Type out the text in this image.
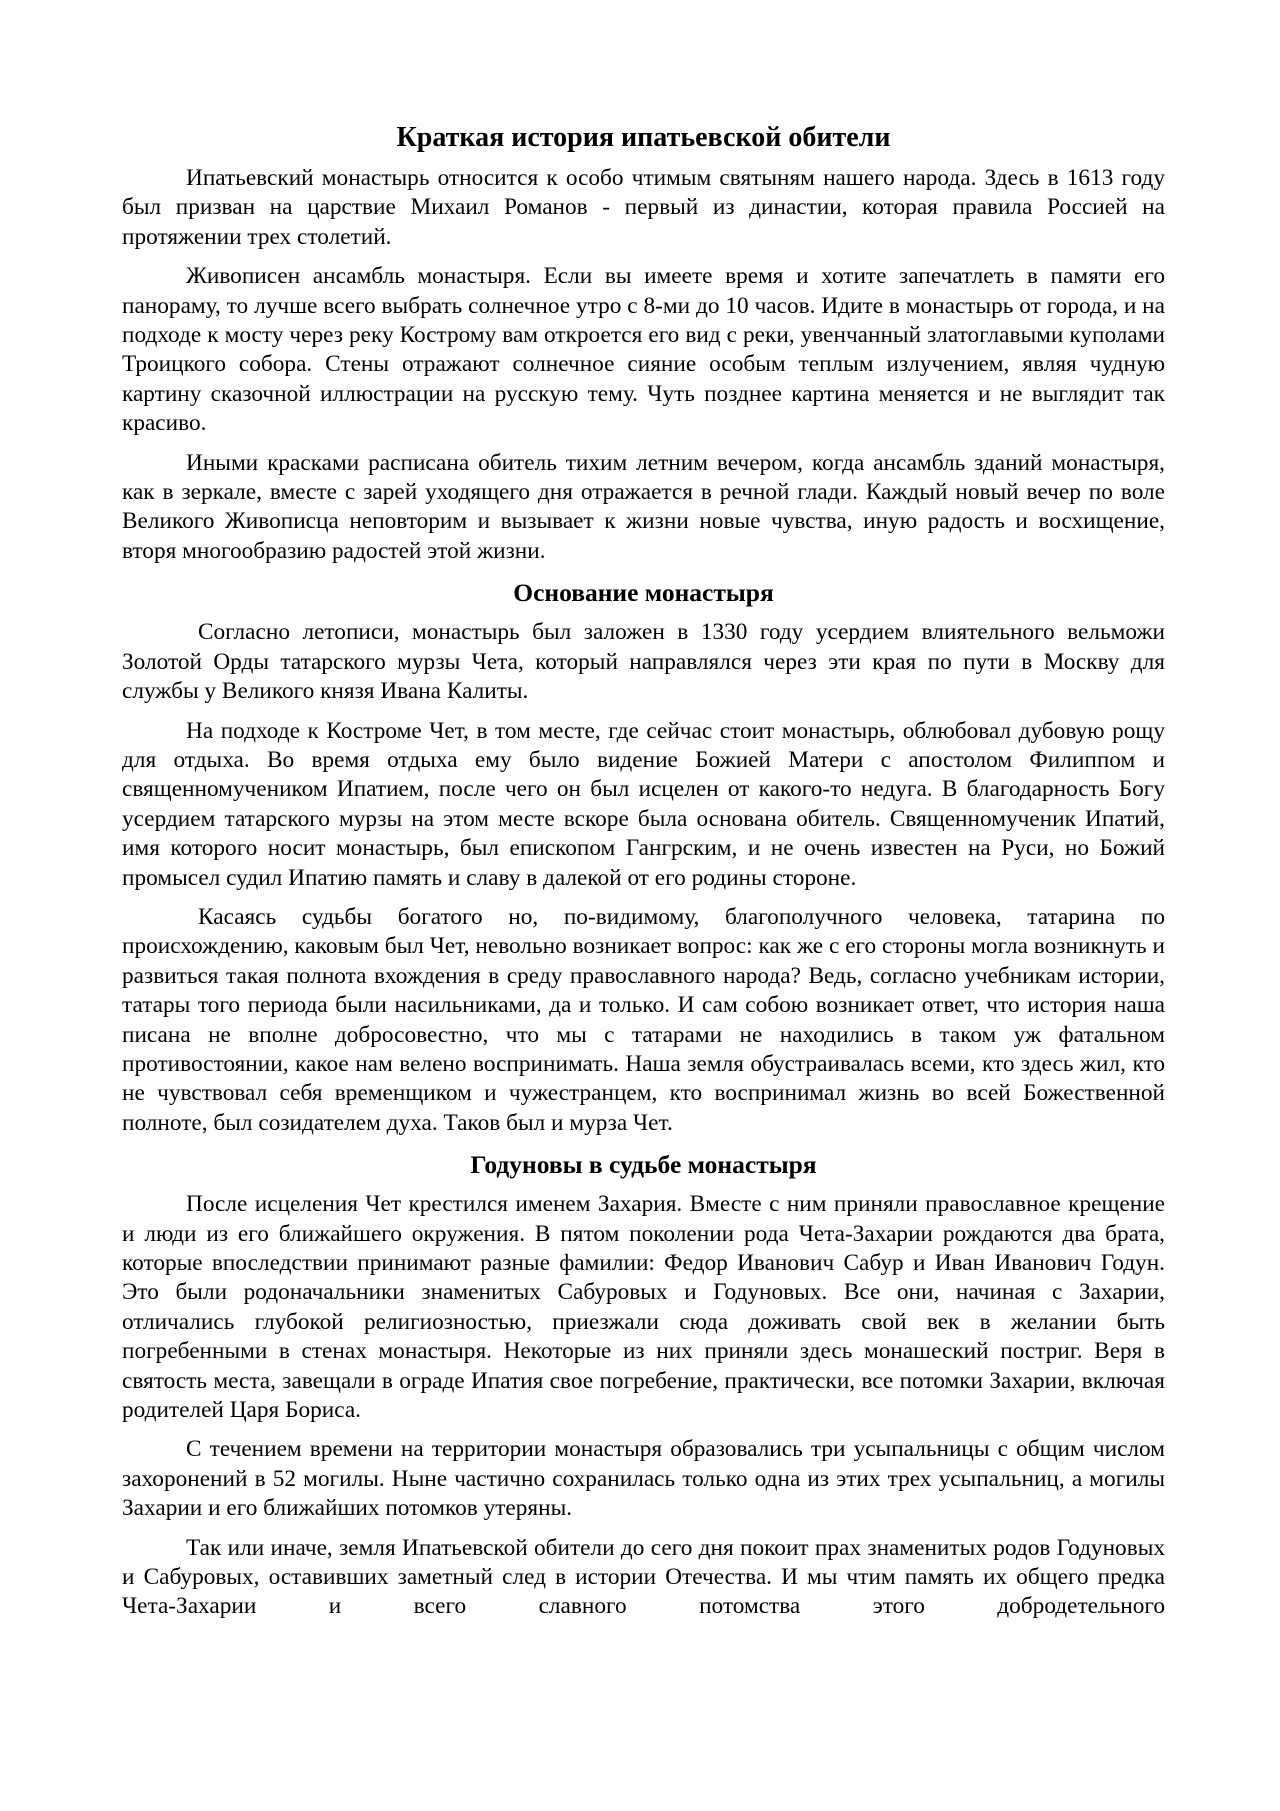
Краткая история ипатьевской обители

Ипатьевский монастырь относится к особо чтимым святыням нашего народа. Здесь в 1613 году был призван на царствие Михаил Романов - первый из династии, которая правила Россией на протяжении трех столетий.

Живописен ансамбль монастыря. Если вы имеете время и хотите запечатлеть в памяти его панораму, то лучше всего выбрать солнечное утро с 8-ми до 10 часов. Идите в монастырь от города, и на подходе к мосту через реку Кострому вам откроется его вид с реки, увенчанный златоглавыми куполами Троицкого собора. Стены отражают солнечное сияние особым теплым излучением, являя чудную картину сказочной иллюстрации на русскую тему. Чуть позднее картина меняется и не выглядит так красиво.

Иными красками расписана обитель тихим летним вечером, когда ансамбль зданий монастыря, как в зеркале, вместе с зарей уходящего дня отражается в речной глади. Каждый новый вечер по воле Великого Живописца неповторим и вызывает к жизни новые чувства, иную радость и восхищение, вторя многообразию радостей этой жизни.

Основание монастыря

Согласно летописи, монастырь был заложен в 1330 году усердием влиятельного вельможи Золотой Орды татарского мурзы Чета, который направлялся через эти края по пути в Москву для службы у Великого князя Ивана Калиты.

На подходе к Костроме Чет, в том месте, где сейчас стоит монастырь, облюбовал дубовую рощу для отдыха. Во время отдыха ему было видение Божией Матери с апостолом Филиппом и священномучеником Ипатием, после чего он был исцелен от какого-то недуга. В благодарность Богу усердием татарского мурзы на этом месте вскоре была основана обитель. Священномученик Ипатий, имя которого носит монастырь, был епископом Гангрским, и не очень известен на Руси, но Божий промысел судил Ипатию память и славу в далекой от его родины стороне.

Касаясь судьбы богатого но, по-видимому, благополучного человека, татарина по происхождению, каковым был Чет, невольно возникает вопрос: как же с его стороны могла возникнуть и развиться такая полнота вхождения в среду православного народа? Ведь, согласно учебникам истории, татары того периода были насильниками, да и только. И сам собою возникает ответ, что история наша писана не вполне добросовестно, что мы с татарами не находились в таком уж фатальном противостоянии, какое нам велено воспринимать. Наша земля обустраивалась всеми, кто здесь жил, кто не чувствовал себя временщиком и чужестранцем, кто воспринимал жизнь во всей Божественной полноте, был созидателем духа. Таков был и мурза Чет.

Годуновы в судьбе монастыря

После исцеления Чет крестился именем Захария. Вместе с ним приняли православное крещение и люди из его ближайшего окружения. В пятом поколении рода Чета-Захарии рождаются два брата, которые впоследствии принимают разные фамилии: Федор Иванович Сабур и Иван Иванович Годун. Это были родоначальники знаменитых Сабуровых и Годуновых. Все они, начиная с Захарии, отличались глубокой религиозностью, приезжали сюда доживать свой век в желании быть погребенными в стенах монастыря. Некоторые из них приняли здесь монашеский постриг. Веря в святость места, завещали в ограде Ипатия свое погребение, практически, все потомки Захарии, включая родителей Царя Бориса.

С течением времени на территории монастыря образовались три усыпальницы с общим числом захоронений в 52 могилы. Ныне частично сохранилась только одна из этих трех усыпальниц, а могилы Захарии и его ближайших потомков утеряны.

Так или иначе, земля Ипатьевской обители до сего дня покоит прах знаменитых родов Годуновых и Сабуровых, оставивших заметный след в истории Отечества. И мы чтим память их общего предка Чета-Захарии и всего славного потомства этого добродетельного
